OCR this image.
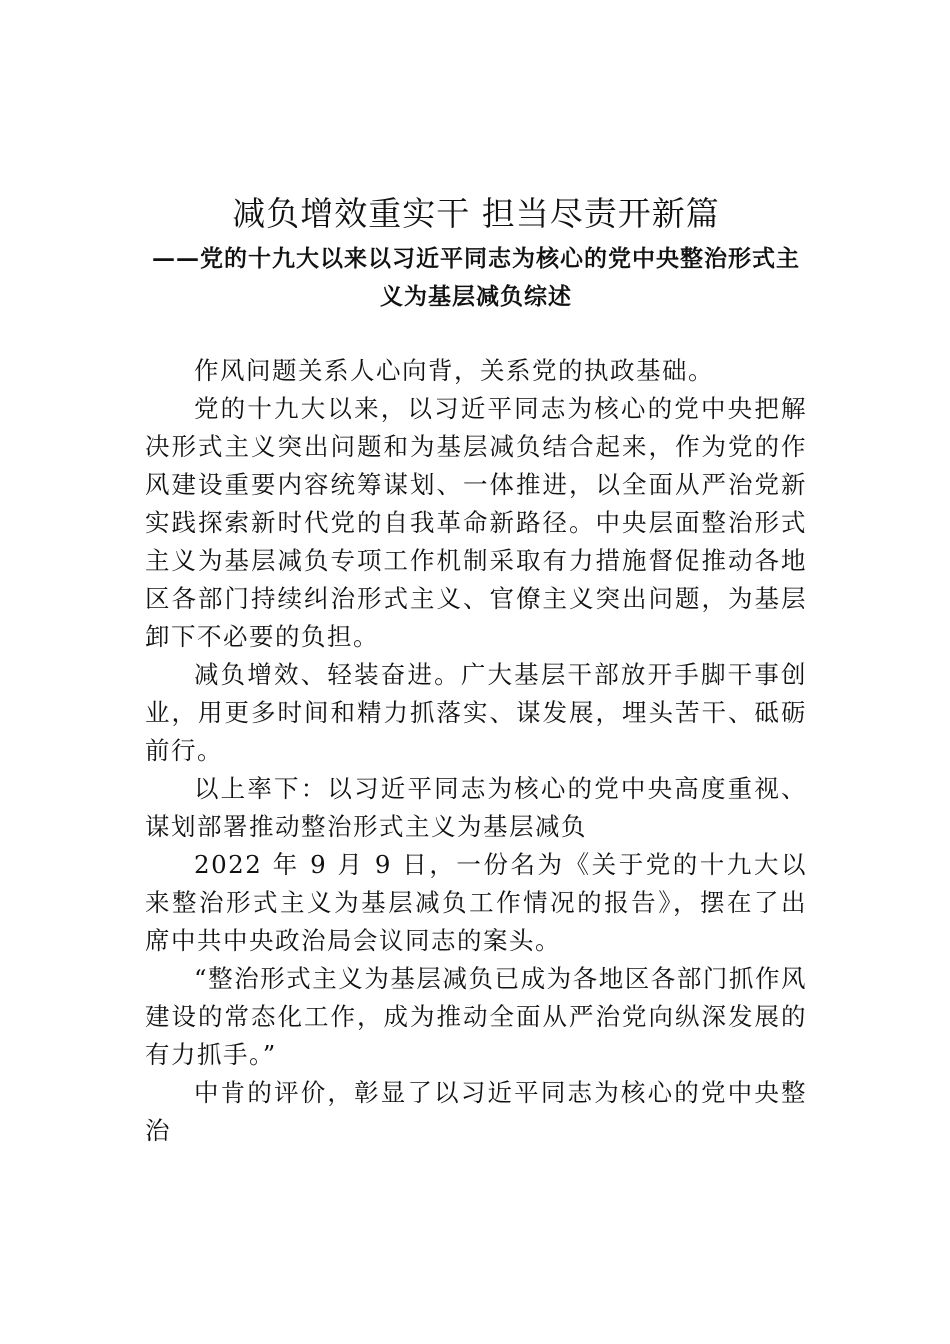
减负增效重实干 担当尽责开新篇

——党的十九大以来以习近平同志为核心的党中央整治形式主义为基层减负综述

作风问题关系人心向背，关系党的执政基础。

党的十九大以来，以习近平同志为核心的党中央把解决形式主义突出问题和为基层减负结合起来，作为党的作风建设重要内容统筹谋划、一体推进，以全面从严治党新实践探索新时代党的自我革命新路径。中央层面整治形式主义为基层减负专项工作机制采取有力措施督促推动各地区各部门持续纠治形式主义、官僚主义突出问题，为基层卸下不必要的负担。

减负增效、轻装奋进。广大基层干部放开手脚干事创业，用更多时间和精力抓落实、谋发展，埋头苦干、砥砺前行。

以上率下：以习近平同志为核心的党中央高度重视、谋划部署推动整治形式主义为基层减负

2022 年 9 月 9 日，一份名为《关于党的十九大以来整治形式主义为基层减负工作情况的报告》，摆在了出席中共中央政治局会议同志的案头。

“整治形式主义为基层减负已成为各地区各部门抓作风建设的常态化工作，成为推动全面从严治党向纵深发展的有力抓手。”

中肯的评价，彰显了以习近平同志为核心的党中央整治
